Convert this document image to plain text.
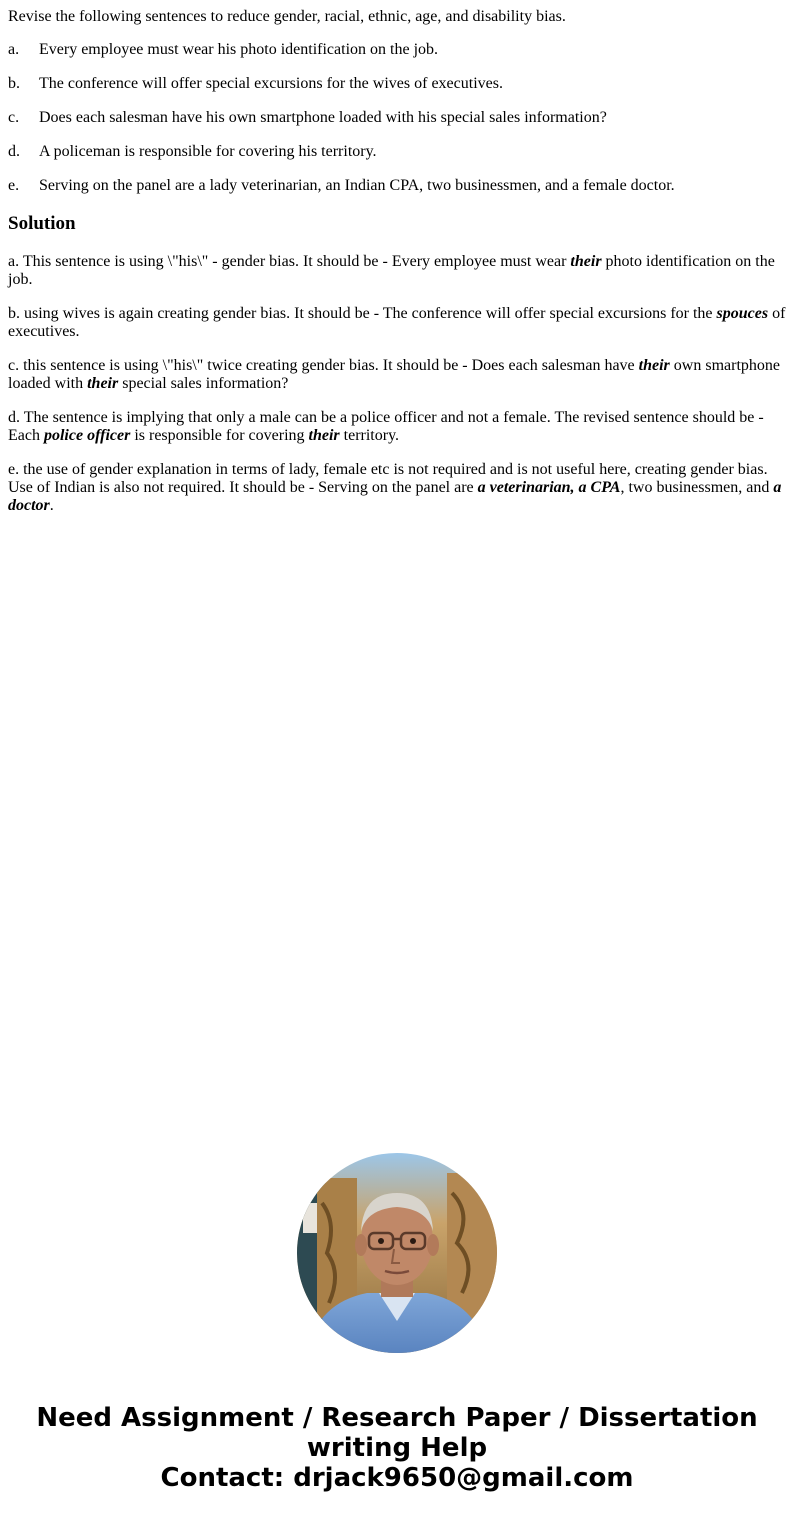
Revise the following sentences to reduce gender, racial, ethnic, age, and disability bias.

a.	Every employee must wear his photo identification on the job.
b.	The conference will offer special excursions for the wives of executives.
c.	Does each salesman have his own smartphone loaded with his special sales information?
d.	A policeman is responsible for covering his territory.
e.	Serving on the panel are a lady veterinarian, an Indian CPA, two businessmen, and a female doctor.
Solution

a. This sentence is using \"his\" - gender bias. It should be - Every employee must wear their photo identification on the job.

b. using wives is again creating gender bias. It should be - The conference will offer special excursions for the spouces of executives.

c. this sentence is using \"his\" twice creating gender bias. It should be - Does each salesman have their own smartphone loaded with their special sales information?

d. The sentence is implying that only a male can be a police officer and not a female. The revised sentence should be - Each police officer is responsible for covering their territory.

e. the use of gender explanation in terms of lady, female etc is not required and is not useful here, creating gender bias. Use of Indian is also not required. It should be - Serving on the panel are a veterinarian, a CPA, two businessmen, and a doctor.

Need Assignment / Research Paper / Dissertation
writing Help
Contact: drjack9650@gmail.com
